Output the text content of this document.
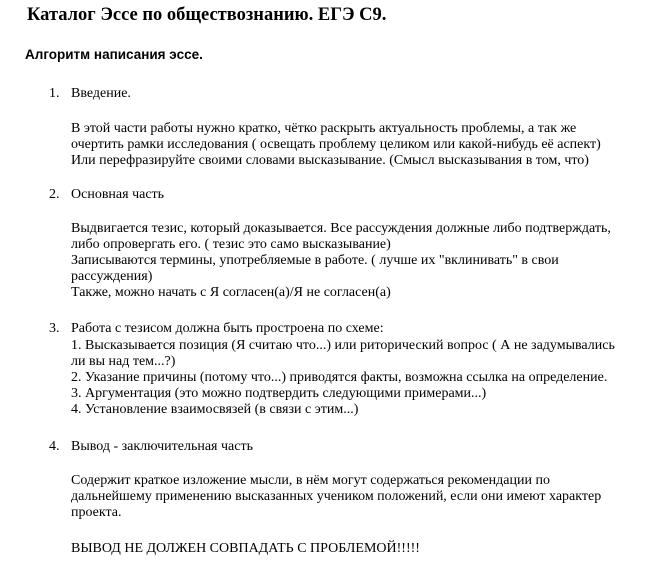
Каталог Эссе по обществознанию. ЕГЭ С9.
Алгоритм написания эссе.
1. Введение.
В этой части работы нужно кратко, чётко раскрыть актуальность проблемы, а так же
очертить рамки исследования ( освещать проблему целиком или какой-нибудь её аспект)
Или перефразируйте своими словами высказывание. (Смысл высказывания в том, что)
2. Основная часть
Выдвигается тезис, который доказывается. Все рассуждения должные либо подтверждать,
либо опровергать его. ( тезис это само высказывание)
Записываются термины, употребляемые в работе. ( лучше их "вклинивать" в свои
рассуждения)
Также, можно начать с Я согласен(а)/Я не согласен(а)
3. Работа с тезисом должна быть простроена по схеме:
1. Высказывается позиция (Я считаю что...) или риторический вопрос ( А не задумывались
ли вы над тем...?)
2. Указание причины (потому что...) приводятся факты, возможна ссылка на определение.
3. Аргументация (это можно подтвердить следующими примерами...)
4. Установление взаимосвязей (в связи с этим...)
4. Вывод - заключительная часть
Содержит краткое изложение мысли, в нём могут содержаться рекомендации по
дальнейшему применению высказанных учеником положений, если они имеют характер
проекта.
ВЫВОД НЕ ДОЛЖЕН СОВПАДАТЬ С ПРОБЛЕМОЙ!!!!!
